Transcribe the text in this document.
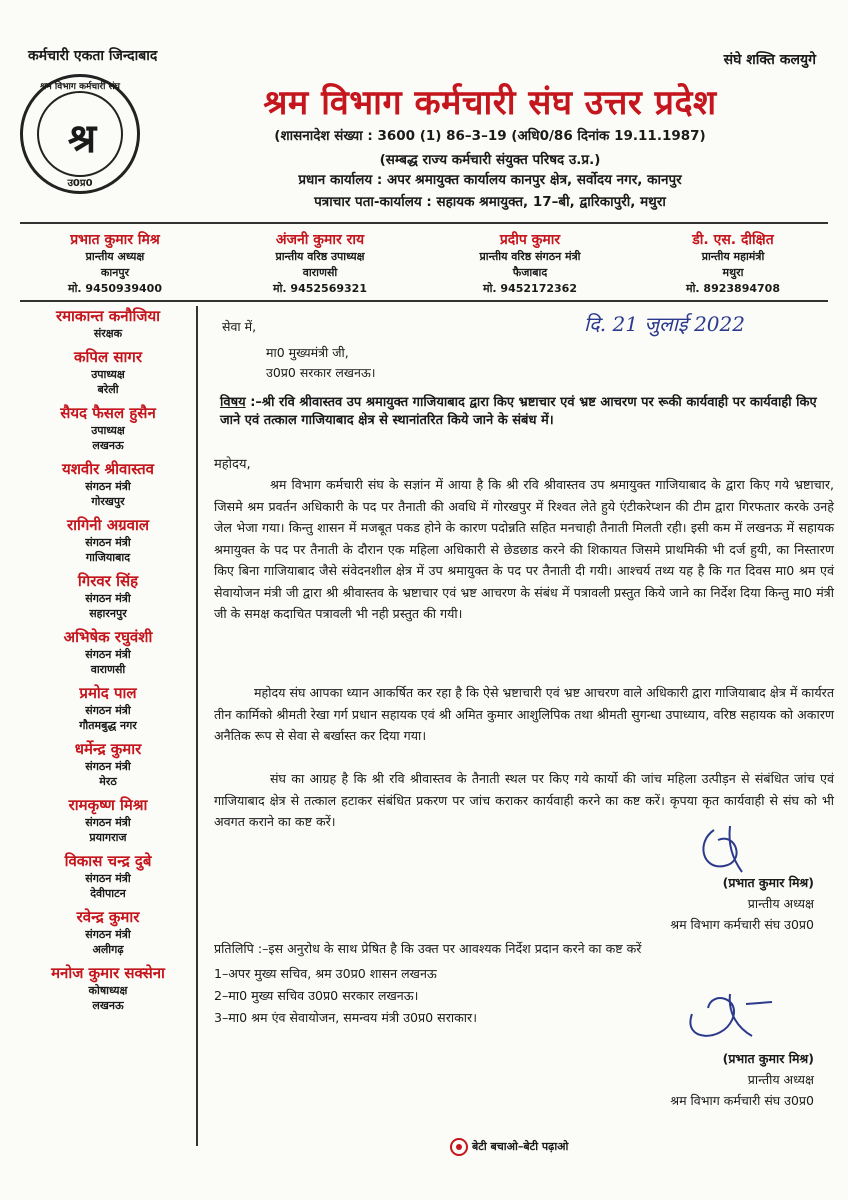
कर्मचारी एकता जिन्दाबाद	संघे शक्ति कलयुगे
श्रम विभाग कर्मचारी संघ
श्र
उ0प्र0
श्रम विभाग कर्मचारी संघ उत्तर प्रदेश
(शासनादेश संख्या : 3600 (1) 86–3–19 (अधि0/86 दिनांक 19.11.1987)
(सम्बद्ध राज्य कर्मचारी संयुक्त परिषद उ.प्र.)
प्रधान कार्यालय : अपर श्रमायुक्त कार्यालय कानपुर क्षेत्र, सर्वोदय नगर, कानपुर
पत्राचार पता-कार्यालय : सहायक श्रमायुक्त, 17–बी, द्वारिकापुरी, मथुरा
प्रभात कुमार मिश्र
प्रान्तीय अध्यक्ष
कानपुर
मो. 9450939400
अंजनी कुमार राय
प्रान्तीय वरिष्ठ उपाध्यक्ष
वाराणसी
मो. 9452569321
प्रदीप कुमार
प्रान्तीय वरिष्ठ संगठन मंत्री
फैजाबाद
मो. 9452172362
डी. एस. दीक्षित
प्रान्तीय महामंत्री
मथुरा
मो. 8923894708
रमाकान्त कनौजिया
संरक्षक
कपिल सागर
उपाध्यक्ष
बरेली
सैयद फैसल हुसैन
उपाध्यक्ष
लखनऊ
यशवीर श्रीवास्तव
संगठन मंत्री
गोरखपुर
रागिनी अग्रवाल
संगठन मंत्री
गाजियाबाद
गिरवर सिंह
संगठन मंत्री
सहारनपुर
अभिषेक रघुवंशी
संगठन मंत्री
वाराणसी
प्रमोद पाल
संगठन मंत्री
गौतमबुद्ध नगर
धर्मेन्द्र कुमार
संगठन मंत्री
मेरठ
रामकृष्ण मिश्रा
संगठन मंत्री
प्रयागराज
विकास चन्द्र दुबे
संगठन मंत्री
देवीपाटन
रवेन्द्र कुमार
संगठन मंत्री
अलीगढ़
मनोज कुमार सक्सेना
कोषाध्यक्ष
लखनऊ
दि. 21 जुलाई 2022
सेवा में,
मा0 मुख्यमंत्री जी,
उ0प्र0 सरकार लखनऊ।
विषय :–श्री रवि श्रीवास्तव उप श्रमायुक्त गाजियाबाद द्वारा किए भ्रष्टाचार एवं भ्रष्ट आचरण पर रूकी कार्यवाही पर कार्यवाही किए जाने एवं तत्काल गाजियाबाद क्षेत्र से स्थानांतरित किये जाने के संबंध में।
महोदय,
श्रम विभाग कर्मचारी संघ के सज्ञांन में आया है कि श्री रवि श्रीवास्तव उप श्रमायुक्त गाजियाबाद के द्वारा किए गये भ्रष्टाचार, जिसमे श्रम प्रवर्तन अधिकारी के पद पर तैनाती की अवधि में गोरखपुर में रिश्वत लेते हुये एंटीकरेप्शन की टीम द्वारा गिरफतार करके उनहे जेल भेजा गया। किन्तु शासन में मजबूत पकड होने के कारण पदोन्नति सहित मनचाही तैनाती मिलती रही। इसी कम में लखनऊ में सहायक श्रमायुक्त के पद पर तैनाती के दौरान एक महिला अधिकारी से छेडछाड करने की शिकायत जिसमे प्राथमिकी भी दर्ज हुयी, का निस्तारण किए बिना गाजियाबाद जैसे संवेदनशील क्षेत्र में उप श्रमायुक्त के पद पर तैनाती दी गयी। आश्चर्य तथ्य यह है कि गत दिवस मा0 श्रम एवं सेवायोजन मंत्री जी द्वारा श्री श्रीवास्तव के भ्रष्टाचार एवं भ्रष्ट आचरण के संबंध में पत्रावली प्रस्तुत किये जाने का निर्देश दिया किन्तु मा0 मंत्री जी के समक्ष कदाचित पत्रावली भी नही प्रस्तुत की गयी।
महोदय संघ आपका ध्यान आकर्षित कर रहा है कि ऐसे भ्रष्टाचारी एवं भ्रष्ट आचरण वाले अधिकारी द्वारा गाजियाबाद क्षेत्र में कार्यरत तीन कार्मिको श्रीमती रेखा गर्ग प्रधान सहायक एवं श्री अमित कुमार आशुलिपिक तथा श्रीमती सुगन्धा उपाध्याय, वरिष्ठ सहायक को अकारण अनैतिक रूप से सेवा से बर्खास्त कर दिया गया।
संघ का आग्रह है कि श्री रवि श्रीवास्तव के तैनाती स्थल पर किए गये कार्यो की जांच महिला उत्पीड़न से संबंधित जांच एवं गाजियाबाद क्षेत्र से तत्काल हटाकर संबंधित प्रकरण पर जांच कराकर कार्यवाही करने का कष्ट करें। कृपया कृत कार्यवाही से संघ को भी अवगत कराने का कष्ट करें।
(प्रभात कुमार मिश्र)
प्रान्तीय अध्यक्ष
श्रम विभाग कर्मचारी संघ उ0प्र0
प्रतिलिपि :–इस अनुरोध के साथ प्रेषित है कि उक्त पर आवश्यक निर्देश प्रदान करने का कष्ट करें
1–अपर मुख्य सचिव, श्रम उ0प्र0 शासन लखनऊ
2–मा0 मुख्य सचिव उ0प्र0 सरकार लखनऊ।
3–मा0 श्रम एंव सेवायोजन, समन्वय मंत्री उ0प्र0 सराकार।
(प्रभात कुमार मिश्र)
प्रान्तीय अध्यक्ष
श्रम विभाग कर्मचारी संघ उ0प्र0
बेटी बचाओ–बेटी पढ़ाओ
